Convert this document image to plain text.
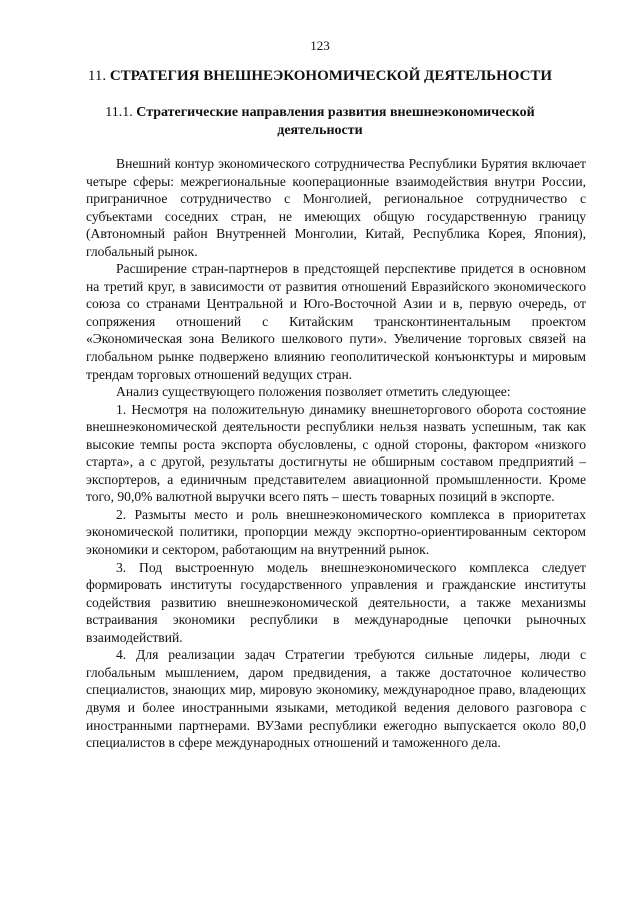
123
11. СТРАТЕГИЯ ВНЕШНЕЭКОНОМИЧЕСКОЙ ДЕЯТЕЛЬНОСТИ
11.1. Стратегические направления развития внешнеэкономической деятельности

Внешний контур экономического сотрудничества Республики Бурятия включает четыре сферы: межрегиональные кооперационные взаимодействия внутри России, приграничное сотрудничество с Монголией, региональное сотрудничество с субъектами соседних стран, не имеющих общую государственную границу (Автономный район Внутренней Монголии, Китай, Республика Корея, Япония), глобальный рынок.

Расширение стран-партнеров в предстоящей перспективе придется в основном на третий круг, в зависимости от развития отношений Евразийского экономического союза со странами Центральной и Юго-Восточной Азии и в, первую очередь, от сопряжения отношений с Китайским трансконтинентальным проектом «Экономическая зона Великого шелкового пути». Увеличение торговых связей на глобальном рынке подвержено влиянию геополитической конъюнктуры и мировым трендам торговых отношений ведущих стран.

Анализ существующего положения позволяет отметить следующее:

1. Несмотря на положительную динамику внешнеторгового оборота состояние внешнеэкономической деятельности республики нельзя назвать успешным, так как высокие темпы роста экспорта обусловлены, с одной стороны, фактором «низкого старта», а с другой, результаты достигнуты не обширным составом предприятий – экспортеров, а единичным представителем авиационной промышленности. Кроме того, 90,0% валютной выручки всего пять – шесть товарных позиций в экспорте.

2. Размыты место и роль внешнеэкономического комплекса в приоритетах экономической политики, пропорции между экспортно-ориентированным сектором экономики и сектором, работающим на внутренний рынок.

3. Под выстроенную модель внешнеэкономического комплекса следует формировать институты государственного управления и гражданские институты содействия развитию внешнеэкономической деятельности, а также механизмы встраивания экономики республики в международные цепочки рыночных взаимодействий.

4. Для реализации задач Стратегии требуются сильные лидеры, люди с глобальным мышлением, даром предвидения, а также достаточное количество специалистов, знающих мир, мировую экономику, международное право, владеющих двумя и более иностранными языками, методикой ведения делового разговора с иностранными партнерами. ВУЗами республики ежегодно выпускается около 80,0 специалистов в сфере международных отношений и таможенного дела.
